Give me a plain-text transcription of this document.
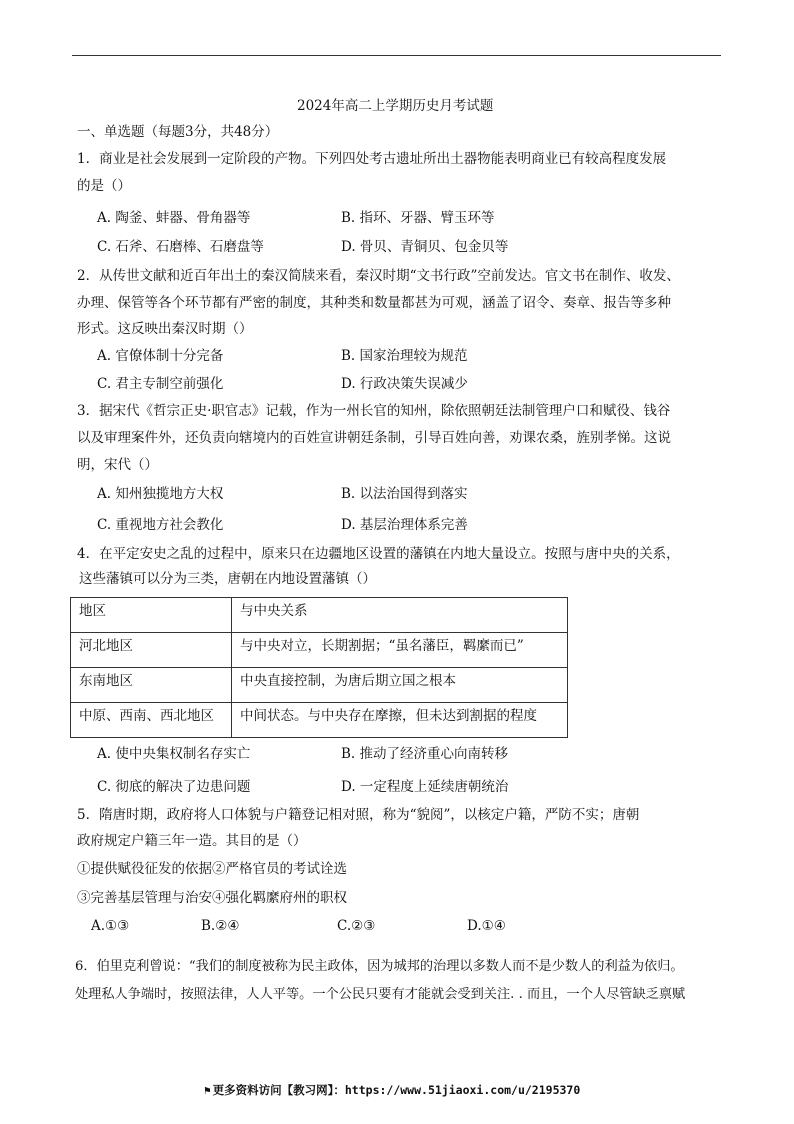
2024年高二上学期历史月考试题
一、单选题（每题3分，共48分）
1．商业是社会发展到一定阶段的产物。下列四处考古遗址所出土器物能表明商业已有较高程度发展
的是（）
A. 陶釜、蚌器、骨角器等	B. 指环、牙器、臂玉环等
C. 石斧、石磨棒、石磨盘等	D. 骨贝、青铜贝、包金贝等
2．从传世文献和近百年出土的秦汉简牍来看，秦汉时期“文书行政”空前发达。官文书在制作、收发、
办理、保管等各个环节都有严密的制度，其种类和数量都甚为可观，涵盖了诏令、奏章、报告等多种
形式。这反映出秦汉时期（）
A. 官僚体制十分完备	B. 国家治理较为规范
C. 君主专制空前强化	D. 行政决策失误减少
3．据宋代《哲宗正史·职官志》记载，作为一州长官的知州，除依照朝廷法制管理户口和赋役、钱谷
以及审理案件外，还负责向辖境内的百姓宣讲朝廷条制，引导百姓向善，劝课农桑，旌别孝悌。这说
明，宋代（）
A. 知州独揽地方大权	B. 以法治国得到落实
C. 重视地方社会教化	D. 基层治理体系完善
4．在平定安史之乱的过程中，原来只在边疆地区设置的藩镇在内地大量设立。按照与唐中央的关系，
这些藩镇可以分为三类，唐朝在内地设置藩镇（）
地区	与中央关系
河北地区	与中央对立，长期割据；“虽名藩臣，羁縻而已”
东南地区	中央直接控制，为唐后期立国之根本
中原、西南、西北地区	中间状态。与中央存在摩擦，但未达到割据的程度
A. 使中央集权制名存实亡	B. 推动了经济重心向南转移
C. 彻底的解决了边患问题	D. 一定程度上延续唐朝统治
5．隋唐时期，政府将人口体貌与户籍登记相对照，称为“貌阅”，以核定户籍，严防不实；唐朝
政府规定户籍三年一造。其目的是（）
①提供赋役征发的依据②严格官员的考试诠选
③完善基层管理与治安④强化羁縻府州的职权
A.①③	B.②④	C.②③	D.①④
6．伯里克利曾说：“我们的制度被称为民主政体，因为城邦的治理以多数人而不是少数人的利益为依归。
处理私人争端时，按照法律，人人平等。一个公民只要有才能就会受到关注. . 而且，一个人尽管缺乏禀赋
⚑ 更多资料访问【教习网】：https://www.51jiaoxi.com/u/2195370
